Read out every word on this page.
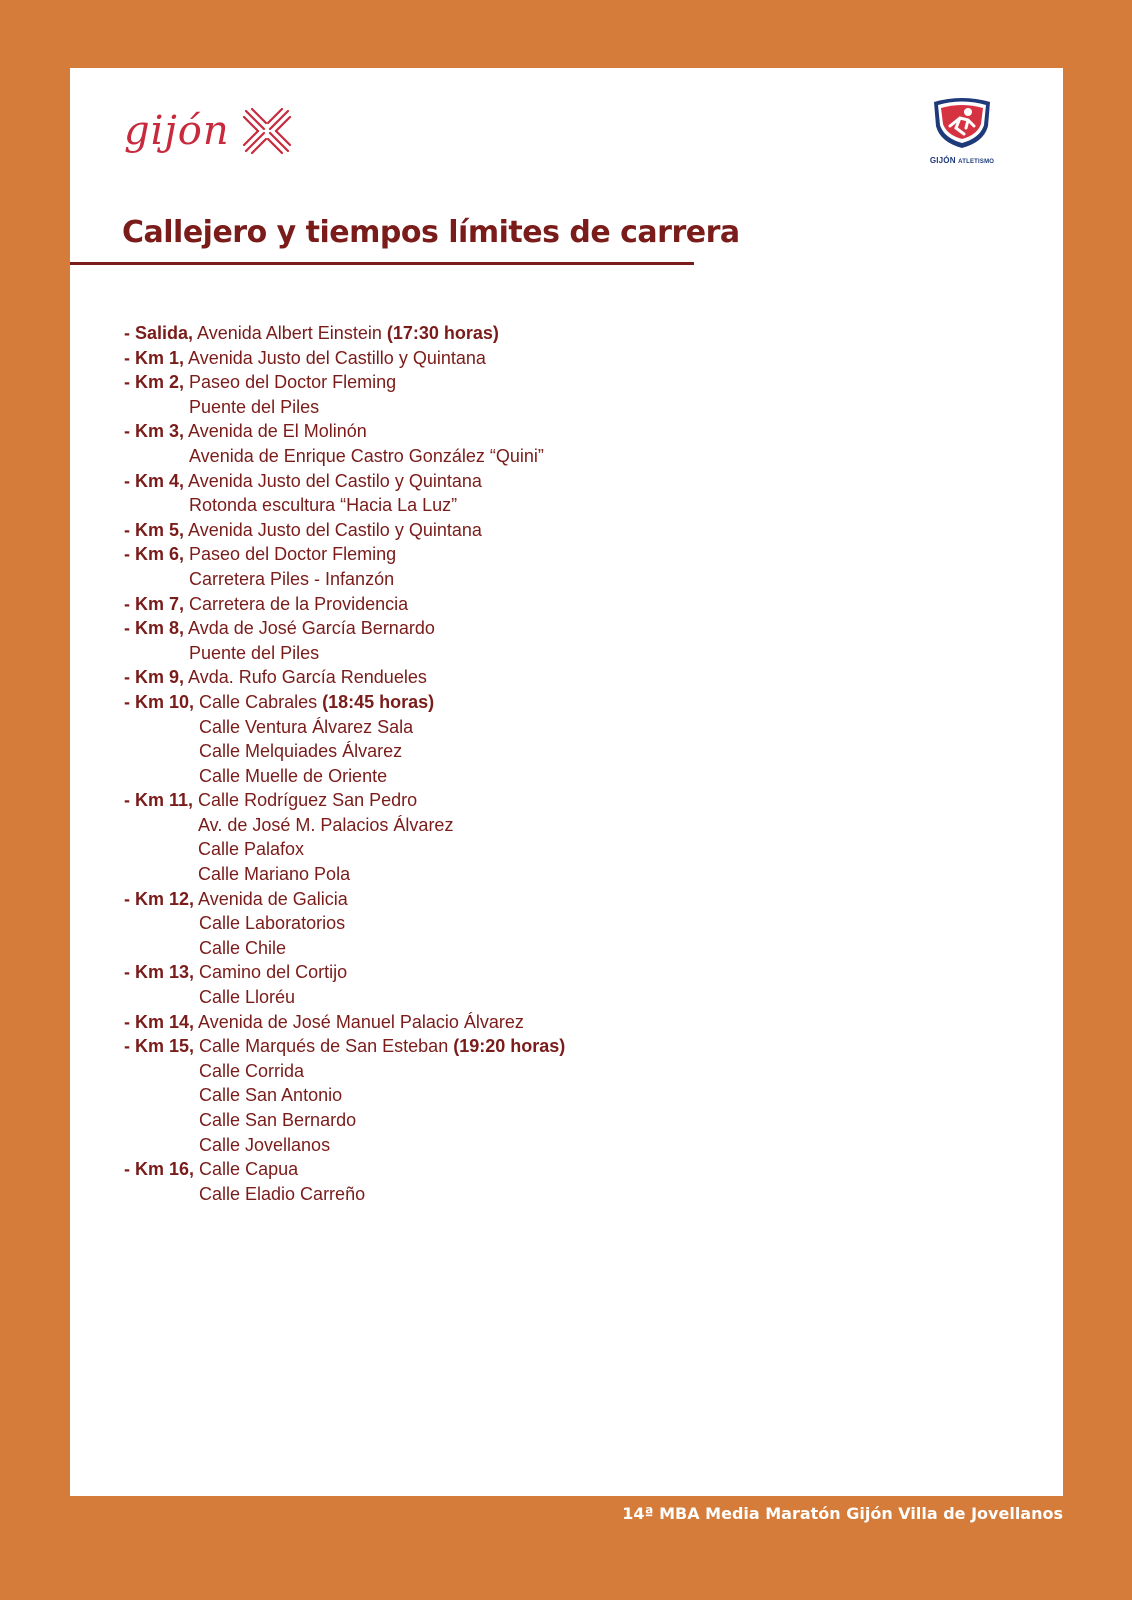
gijón
GIJÓN ATLETISMO
Callejero y tiempos límites de carrera
- Salida, Avenida Albert Einstein (17:30 horas)
- Km 1, Avenida Justo del Castillo y Quintana
- Km 2, Paseo del Doctor Fleming
Puente del Piles
- Km 3, Avenida de El Molinón
Avenida de Enrique Castro González “Quini”
- Km 4, Avenida Justo del Castilo y Quintana
Rotonda escultura “Hacia La Luz”
- Km 5, Avenida Justo del Castilo y Quintana
- Km 6, Paseo del Doctor Fleming
Carretera Piles - Infanzón
- Km 7, Carretera de la Providencia
- Km 8, Avda de José García Bernardo
Puente del Piles
- Km 9, Avda. Rufo García Rendueles
- Km 10, Calle Cabrales (18:45 horas)
Calle Ventura Álvarez Sala
Calle Melquiades Álvarez
Calle Muelle de Oriente
- Km 11, Calle Rodríguez San Pedro
Av. de José M. Palacios Álvarez
Calle Palafox
Calle Mariano Pola
- Km 12, Avenida de Galicia
Calle Laboratorios
Calle Chile
- Km 13, Camino del Cortijo
Calle Lloréu
- Km 14, Avenida de José Manuel Palacio Álvarez
- Km 15, Calle Marqués de San Esteban (19:20 horas)
Calle Corrida
Calle San Antonio
Calle San Bernardo
Calle Jovellanos
- Km 16, Calle Capua
Calle Eladio Carreño
14ª MBA Media Maratón Gijón Villa de Jovellanos
